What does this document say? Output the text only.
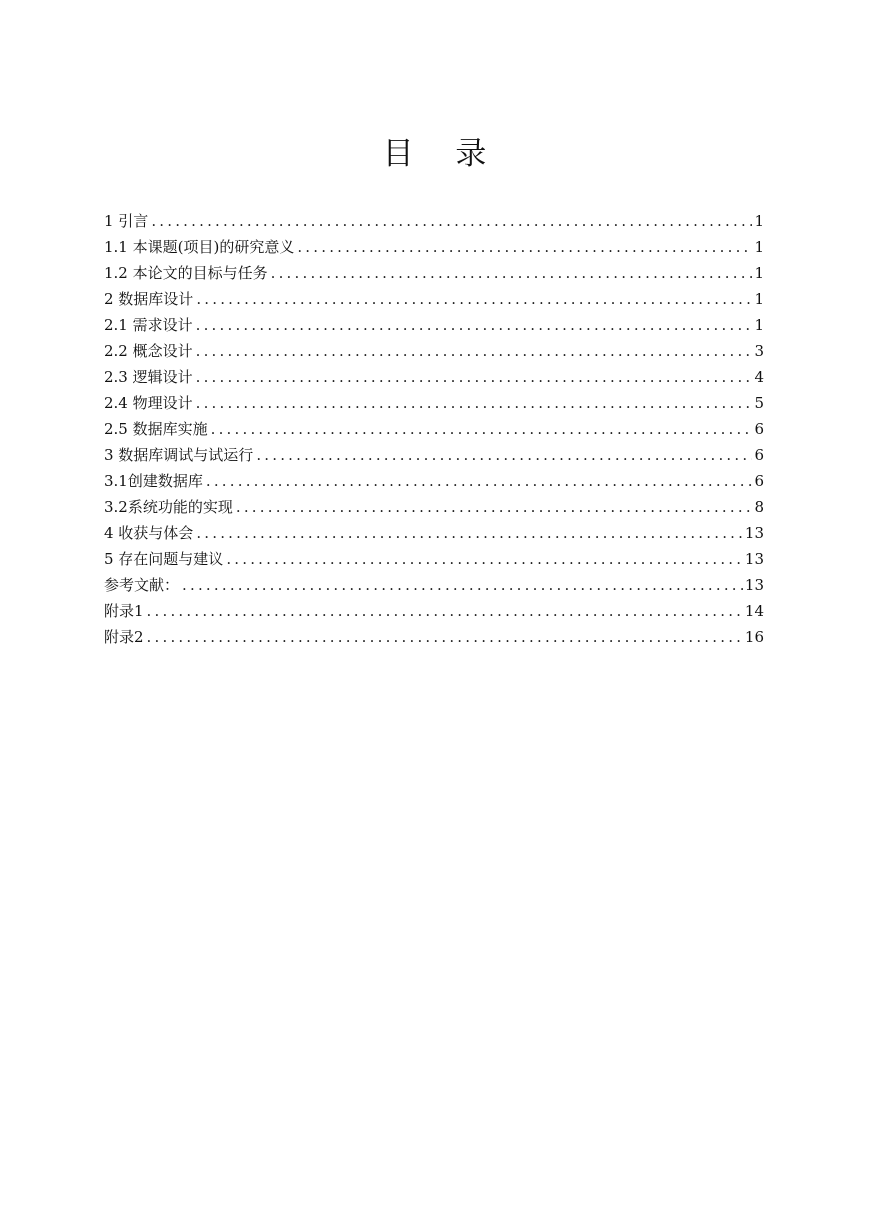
目 录
1 引言 .....	1
1.1 本课题(项目)的研究意义 .....	1
1.2 本论文的目标与任务 .....	1
2 数据库设计 .....	1
2.1 需求设计 .....	1
2.2 概念设计 .....	3
2.3 逻辑设计 .....	4
2.4 物理设计 .....	5
2.5 数据库实施 .....	6
3 数据库调试与试运行 .....	6
3.1创建数据库 .....	6
3.2系统功能的实现 .....	8
4 收获与体会 .....	13
5 存在问题与建议 .....	13
参考文献： .....	13
附录1 .....	14
附录2 .....	16
